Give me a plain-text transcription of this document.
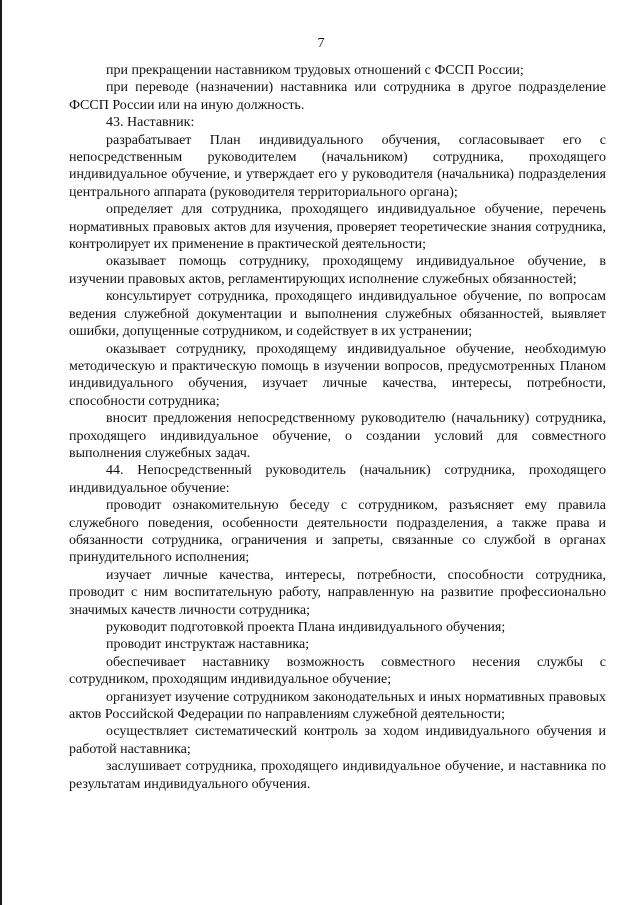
7

при прекращении наставником трудовых отношений с ФССП России;

при переводе (назначении) наставника или сотрудника в другое подразделение ФССП России или на иную должность.

43. Наставник:

разрабатывает План индивидуального обучения, согласовывает его с непосредственным руководителем (начальником) сотрудника, проходящего индивидуальное обучение, и утверждает его у руководителя (начальника) подразделения центрального аппарата (руководителя территориального органа);

определяет для сотрудника, проходящего индивидуальное обучение, перечень нормативных правовых актов для изучения, проверяет теоретические знания сотрудника, контролирует их применение в практической деятельности;

оказывает помощь сотруднику, проходящему индивидуальное обучение, в изучении правовых актов, регламентирующих исполнение служебных обязанностей;

консультирует сотрудника, проходящего индивидуальное обучение, по вопросам ведения служебной документации и выполнения служебных обязанностей, выявляет ошибки, допущенные сотрудником, и содействует в их устранении;

оказывает сотруднику, проходящему индивидуальное обучение, необходимую методическую и практическую помощь в изучении вопросов, предусмотренных Планом индивидуального обучения, изучает личные качества, интересы, потребности, способности сотрудника;

вносит предложения непосредственному руководителю (начальнику) сотрудника, проходящего индивидуальное обучение, о создании условий для совместного выполнения служебных задач.

44. Непосредственный руководитель (начальник) сотрудника, проходящего индивидуальное обучение:

проводит ознакомительную беседу с сотрудником, разъясняет ему правила служебного поведения, особенности деятельности подразделения, а также права и обязанности сотрудника, ограничения и запреты, связанные со службой в органах принудительного исполнения;

изучает личные качества, интересы, потребности, способности сотрудника, проводит с ним воспитательную работу, направленную на развитие профессионально значимых качеств личности сотрудника;

руководит подготовкой проекта Плана индивидуального обучения;

проводит инструктаж наставника;

обеспечивает наставнику возможность совместного несения службы с сотрудником, проходящим индивидуальное обучение;

организует изучение сотрудником законодательных и иных нормативных правовых актов Российской Федерации по направлениям служебной деятельности;

осуществляет систематический контроль за ходом индивидуального обучения и работой наставника;

заслушивает сотрудника, проходящего индивидуальное обучение, и наставника по результатам индивидуального обучения.
